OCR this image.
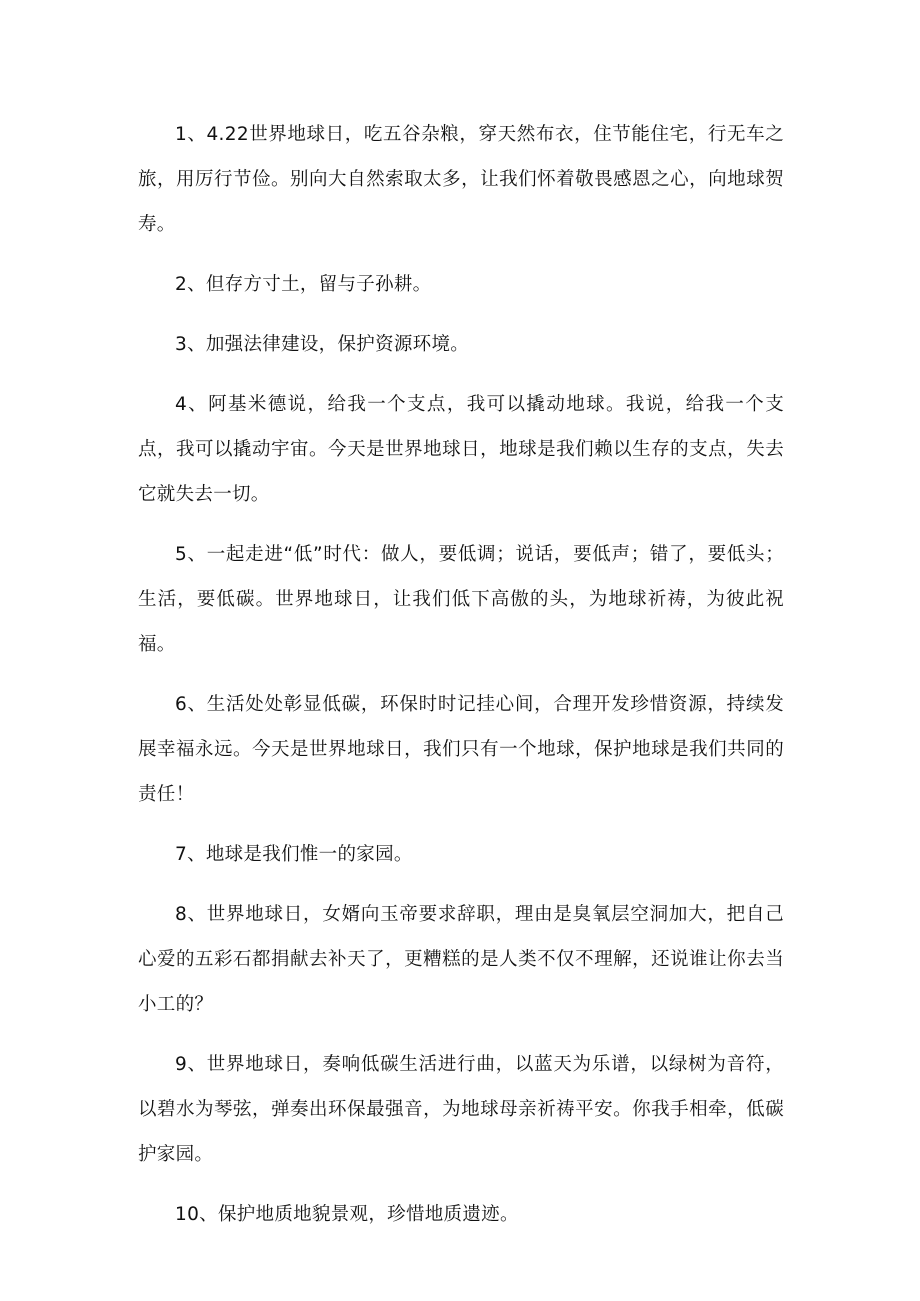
1、4.22世界地球日，吃五谷杂粮，穿天然布衣，住节能住宅，行无车之旅，用厉行节俭。别向大自然索取太多，让我们怀着敬畏感恩之心，向地球贺寿。

2、但存方寸土，留与子孙耕。

3、加强法律建设，保护资源环境。

4、阿基米德说，给我一个支点，我可以撬动地球。我说，给我一个支点，我可以撬动宇宙。今天是世界地球日，地球是我们赖以生存的支点，失去它就失去一切。

5、一起走进“低”时代：做人，要低调；说话，要低声；错了，要低头；生活，要低碳。世界地球日，让我们低下高傲的头，为地球祈祷，为彼此祝福。

6、生活处处彰显低碳，环保时时记挂心间，合理开发珍惜资源，持续发展幸福永远。今天是世界地球日，我们只有一个地球，保护地球是我们共同的责任！

7、地球是我们惟一的家园。

8、世界地球日，女婿向玉帝要求辞职，理由是臭氧层空洞加大，把自己心爱的五彩石都捐献去补天了，更糟糕的是人类不仅不理解，还说谁让你去当小工的？

9、世界地球日，奏响低碳生活进行曲，以蓝天为乐谱，以绿树为音符，以碧水为琴弦，弹奏出环保最强音，为地球母亲祈祷平安。你我手相牵，低碳护家园。

10、保护地质地貌景观，珍惜地质遗迹。
